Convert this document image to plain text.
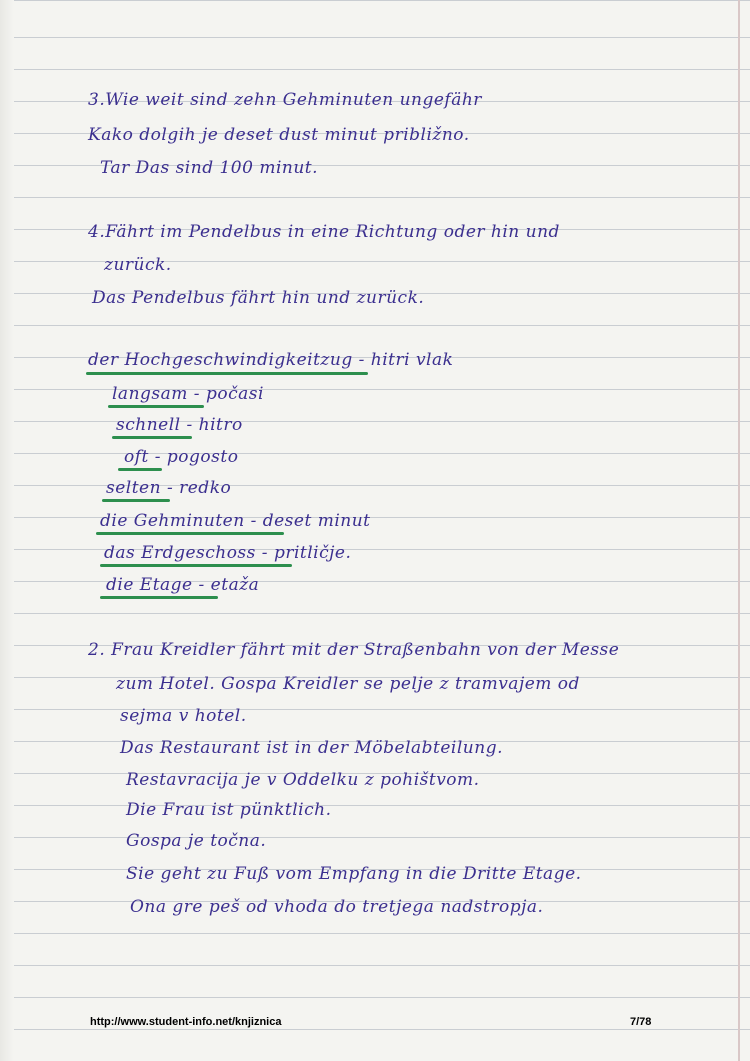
3.Wie weit sind zehn Gehminuten ungefähr
Kako dolgih je deset dust minut približno.
Tar Das sind 100 minut.
4.Fährt im Pendelbus in eine Richtung oder hin und
zurück.
Das Pendelbus fährt hin und zurück.
der Hochgeschwindigkeitzug - hitri vlak
langsam - počasi
schnell - hitro
oft - pogosto
selten - redko
die Gehminuten - deset minut
das Erdgeschoss - pritličje.
die Etage - etaža
2. Frau Kreidler fährt mit der Straßenbahn von der Messe
zum Hotel. Gospa Kreidler se pelje z tramvajem od
sejma v hotel.
Das Restaurant ist in der Möbelabteilung.
Restavracija je v Oddelku z pohištvom.
Die Frau ist pünktlich.
Gospa je točna.
Sie geht zu Fuß vom Empfang in die Dritte Etage.
Ona gre peš od vhoda do tretjega nadstropja.
http://www.student-info.net/knjiznica	7/78
